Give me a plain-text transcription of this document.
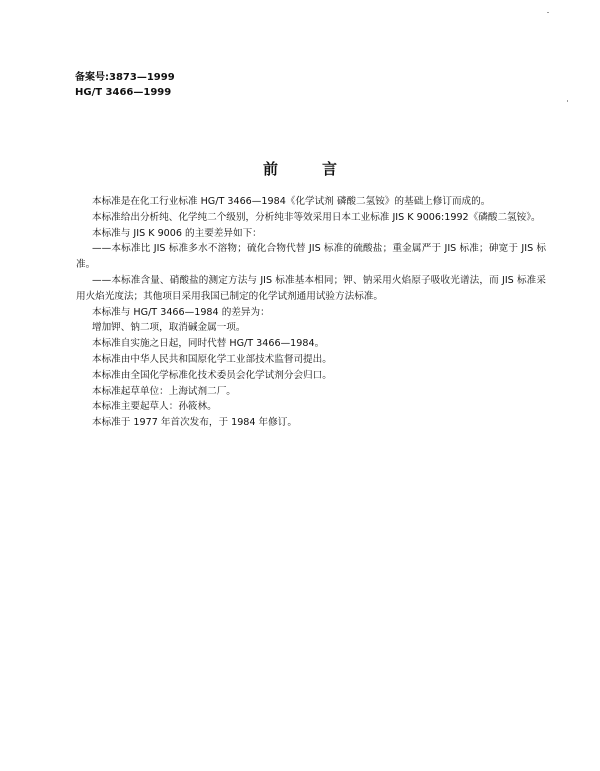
备案号:3873—1999
HG/T 3466—1999
前言

本标准是在化工行业标准 HG/T 3466—1984《化学试剂 磷酸二氢铵》的基础上修订而成的。

本标准给出分析纯、化学纯二个级别，分析纯非等效采用日本工业标准 JIS K 9006:1992《磷酸二氢铵》。

本标准与 JIS K 9006 的主要差异如下：

——本标准比 JIS 标准多水不溶物；硫化合物代替 JIS 标准的硫酸盐；重金属严于 JIS 标准；砷宽于 JIS 标准。

——本标准含量、硝酸盐的测定方法与 JIS 标准基本相同；钾、钠采用火焰原子吸收光谱法，而 JIS 标准采用火焰光度法；其他项目采用我国已制定的化学试剂通用试验方法标准。

本标准与 HG/T 3466—1984 的差异为：

增加钾、钠二项，取消碱金属一项。

本标准自实施之日起，同时代替 HG/T 3466—1984。

本标准由中华人民共和国原化学工业部技术监督司提出。

本标准由全国化学标准化技术委员会化学试剂分会归口。

本标准起草单位：上海试剂二厂。

本标准主要起草人：孙筱林。

本标准于 1977 年首次发布，于 1984 年修订。
